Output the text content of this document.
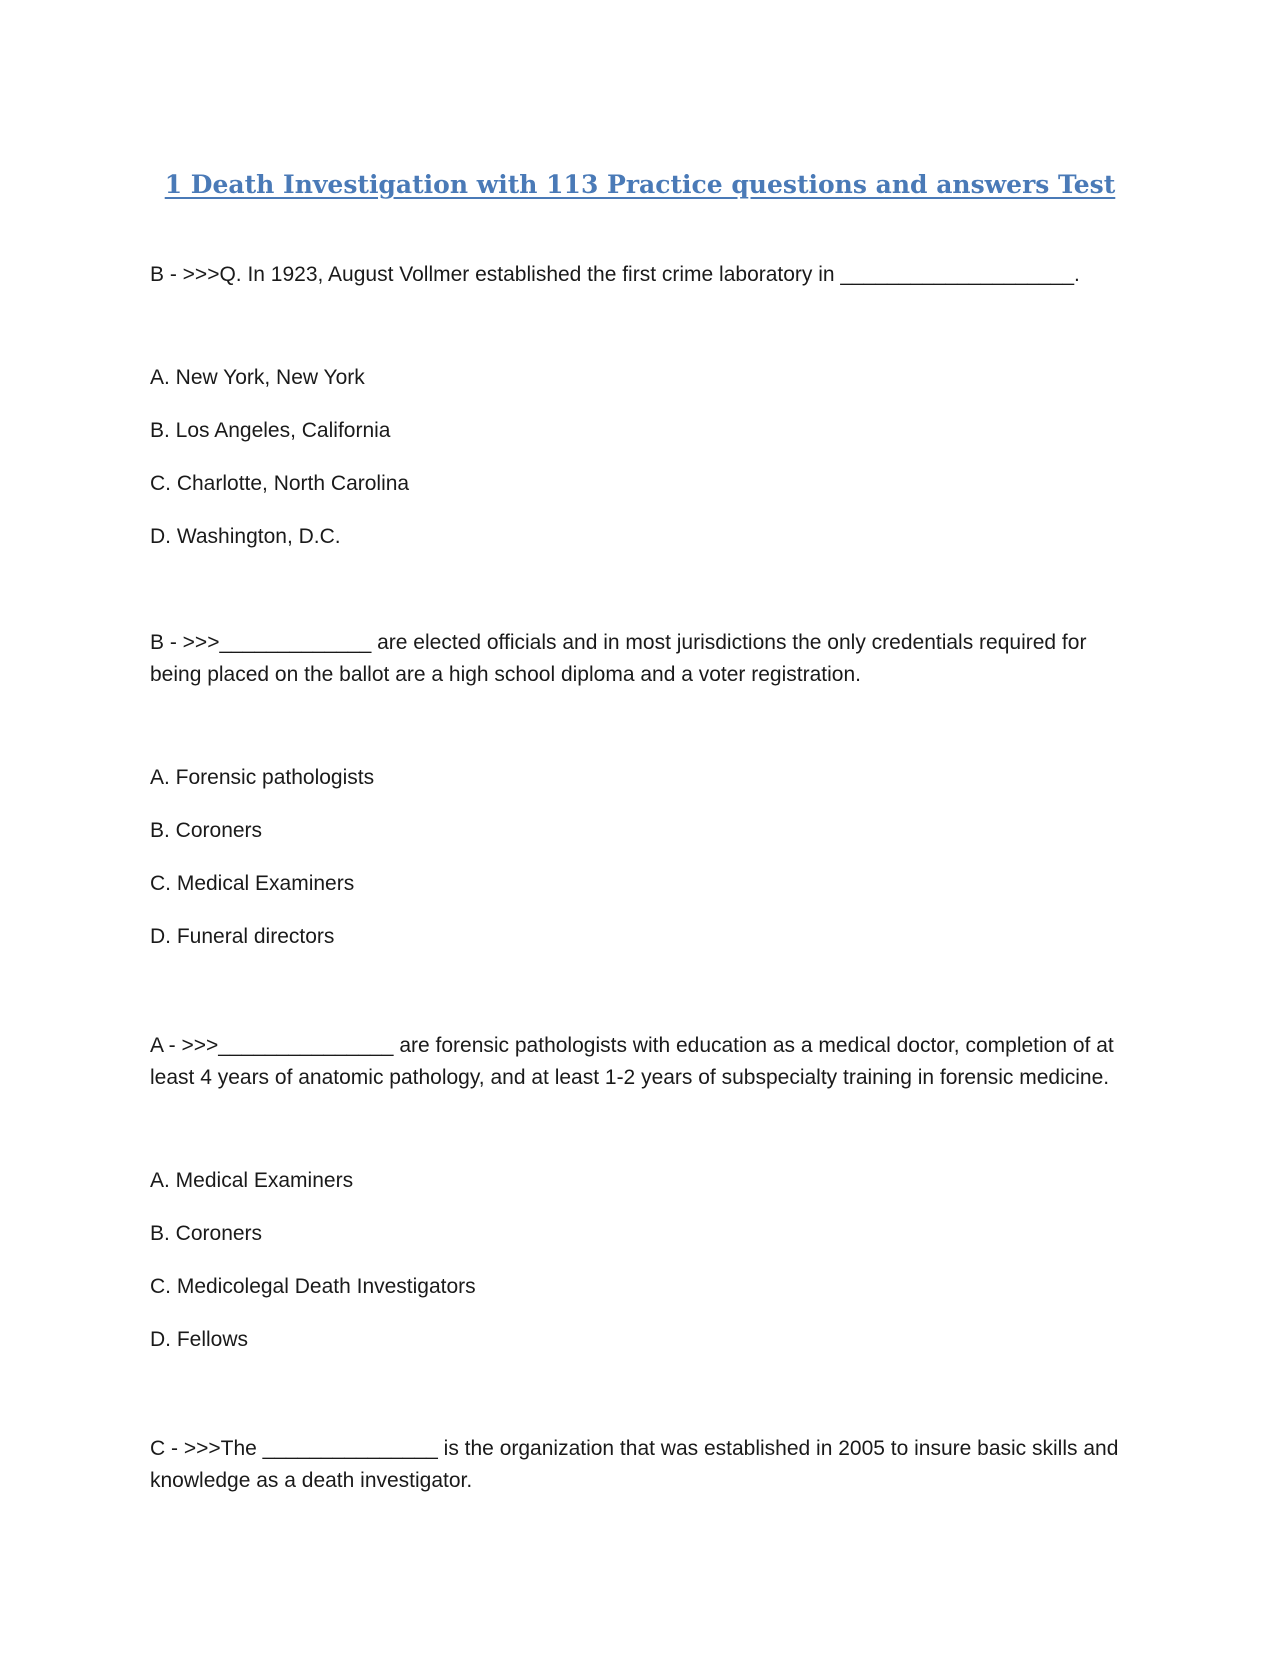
1 Death Investigation with 113 Practice questions and answers Test

B - >>>Q. In 1923, August Vollmer established the first crime laboratory in ____________________.

A. New York, New York

B. Los Angeles, California

C. Charlotte, North Carolina

D. Washington, D.C.

B - >>>_____________ are elected officials and in most jurisdictions the only credentials required for being placed on the ballot are a high school diploma and a voter registration.

A. Forensic pathologists

B. Coroners

C. Medical Examiners

D. Funeral directors

A - >>>_______________ are forensic pathologists with education as a medical doctor, completion of at least 4 years of anatomic pathology, and at least 1-2 years of subspecialty training in forensic medicine.

A. Medical Examiners

B. Coroners

C. Medicolegal Death Investigators

D. Fellows

C - >>>The _______________ is the organization that was established in 2005 to insure basic skills and knowledge as a death investigator.
